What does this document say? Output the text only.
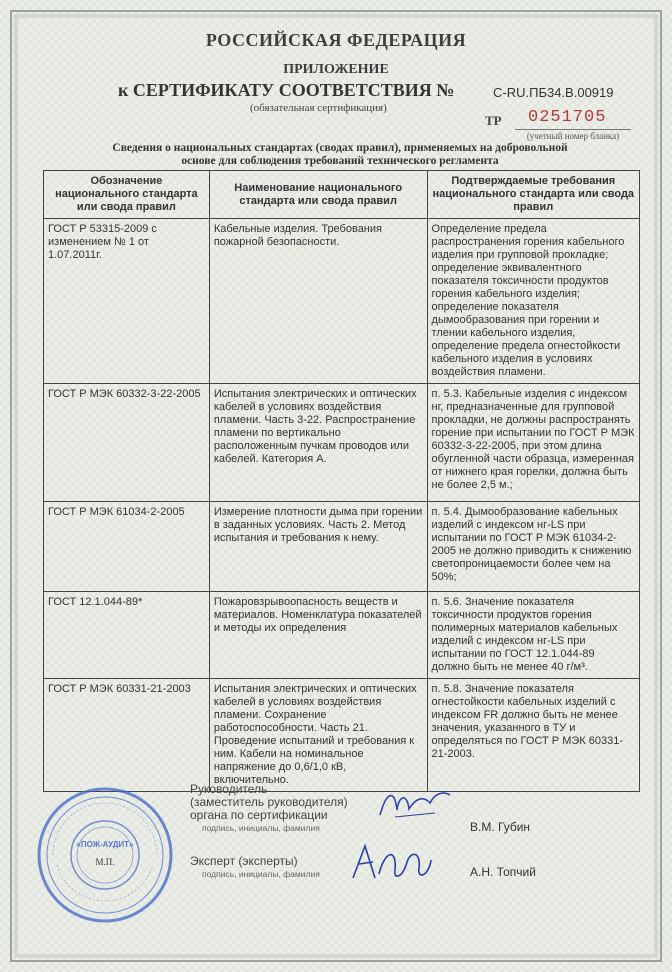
РОССИЙСКАЯ ФЕДЕРАЦИЯ
ПРИЛОЖЕНИЕ
к СЕРТИФИКАТУ СООТВЕТСТВИЯ №	С-RU.ПБ34.В.00919
(обязательная сертификация)
ТР 0251705
(учетный номер бланка)
Сведения о национальных стандартах (сводах правил), применяемых на добровольной основе для соблюдения требований технического регламента
Обозначение национального стандарта или свода правил	Наименование национального стандарта или свода правил	Подтверждаемые требования национального стандарта или свода правил
ГОСТ Р 53315-2009 с изменением № 1 от 1.07.2011г.	Кабельные изделия. Требования пожарной безопасности.	Определение предела распространения горения кабельного изделия при групповой прокладке; определение эквивалентного показателя токсичности продуктов горения кабельного изделия; определение показателя дымообразования при горении и тлении кабельного изделия, определение предела огнестойкости кабельного изделия в условиях воздействия пламени.
ГОСТ Р МЭК 60332-3-22-2005	Испытания электрических и оптических кабелей в условиях воздействия пламени. Часть 3-22. Распространение пламени по вертикально расположенным пучкам проводов или кабелей. Категория А.	п. 5.3. Кабельные изделия с индексом нг, предназначенные для групповой прокладки, не должны распространять горение при испытании по ГОСТ Р МЭК 60332-3-22-2005, при этом длина обугленной части образца, измеренная от нижнего края горелки, должна быть не более 2,5 м.;
ГОСТ Р МЭК 61034-2-2005	Измерение плотности дыма при горении в заданных условиях. Часть 2. Метод испытания и требования к нему.	п. 5.4. Дымообразование кабельных изделий с индексом нг-LS при испытании по ГОСТ Р МЭК 61034-2-2005 не должно приводить к снижению светопроницаемости более чем на 50%;
ГОСТ 12.1.044-89*	Пожаровзрывоопасность веществ и материалов. Номенклатура показателей и методы их определения	п. 5.6. Значение показателя токсичности продуктов горения полимерных материалов кабельных изделий с индексом нг-LS при испытании по ГОСТ 12.1.044-89 должно быть не менее 40 г/м³.
ГОСТ Р МЭК 60331-21-2003	Испытания электрических и оптических кабелей в условиях воздействия пламени. Сохранение работоспособности. Часть 21. Проведение испытаний и требования к ним. Кабели на номинальное напряжение до 0,6/1,0 кВ, включительно.	п. 5.8. Значение показателя огнестойкости кабельных изделий с индексом FR должно быть не менее значения, указанного в ТУ и определяться по ГОСТ Р МЭК 60331-21-2003.
«ПОЖ-АУДИТ»
М.П.
Руководитель
(заместитель руководителя)
органа по сертификации
подпись, инициалы, фамилия	В.М. Губин
Эксперт (эксперты)
подпись, инициалы, фамилия	А.Н. Топчий
